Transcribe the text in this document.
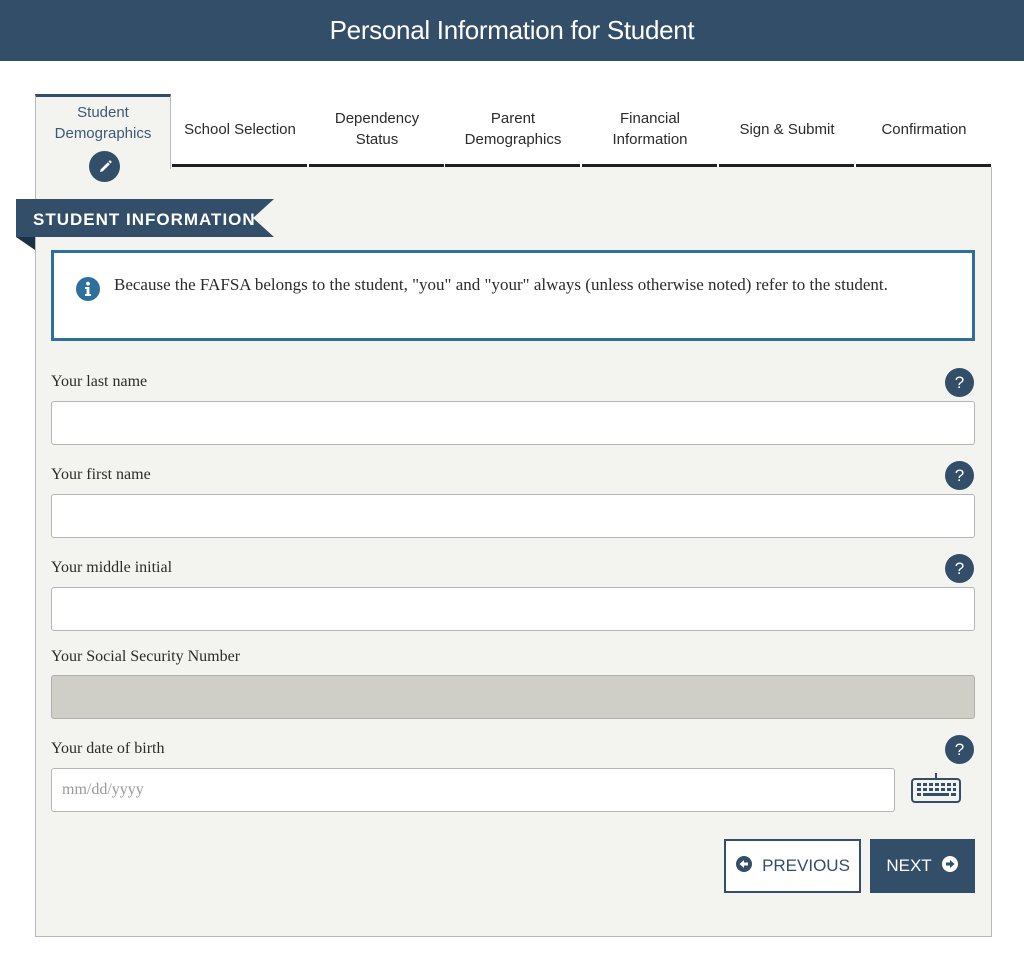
Personal Information for Student
Student Demographics	School Selection
Dependency Status
Parent Demographics
Financial Information
Sign & Submit	Confirmation
STUDENT INFORMATION
Because the FAFSA belongs to the student, "you" and "your" always (unless otherwise noted) refer to the student.
Your last name	?
Your first name	?
Your middle initial	?
Your Social Security Number
Your date of birth	?
mm/dd/yyyy
PREVIOUS NEXT
